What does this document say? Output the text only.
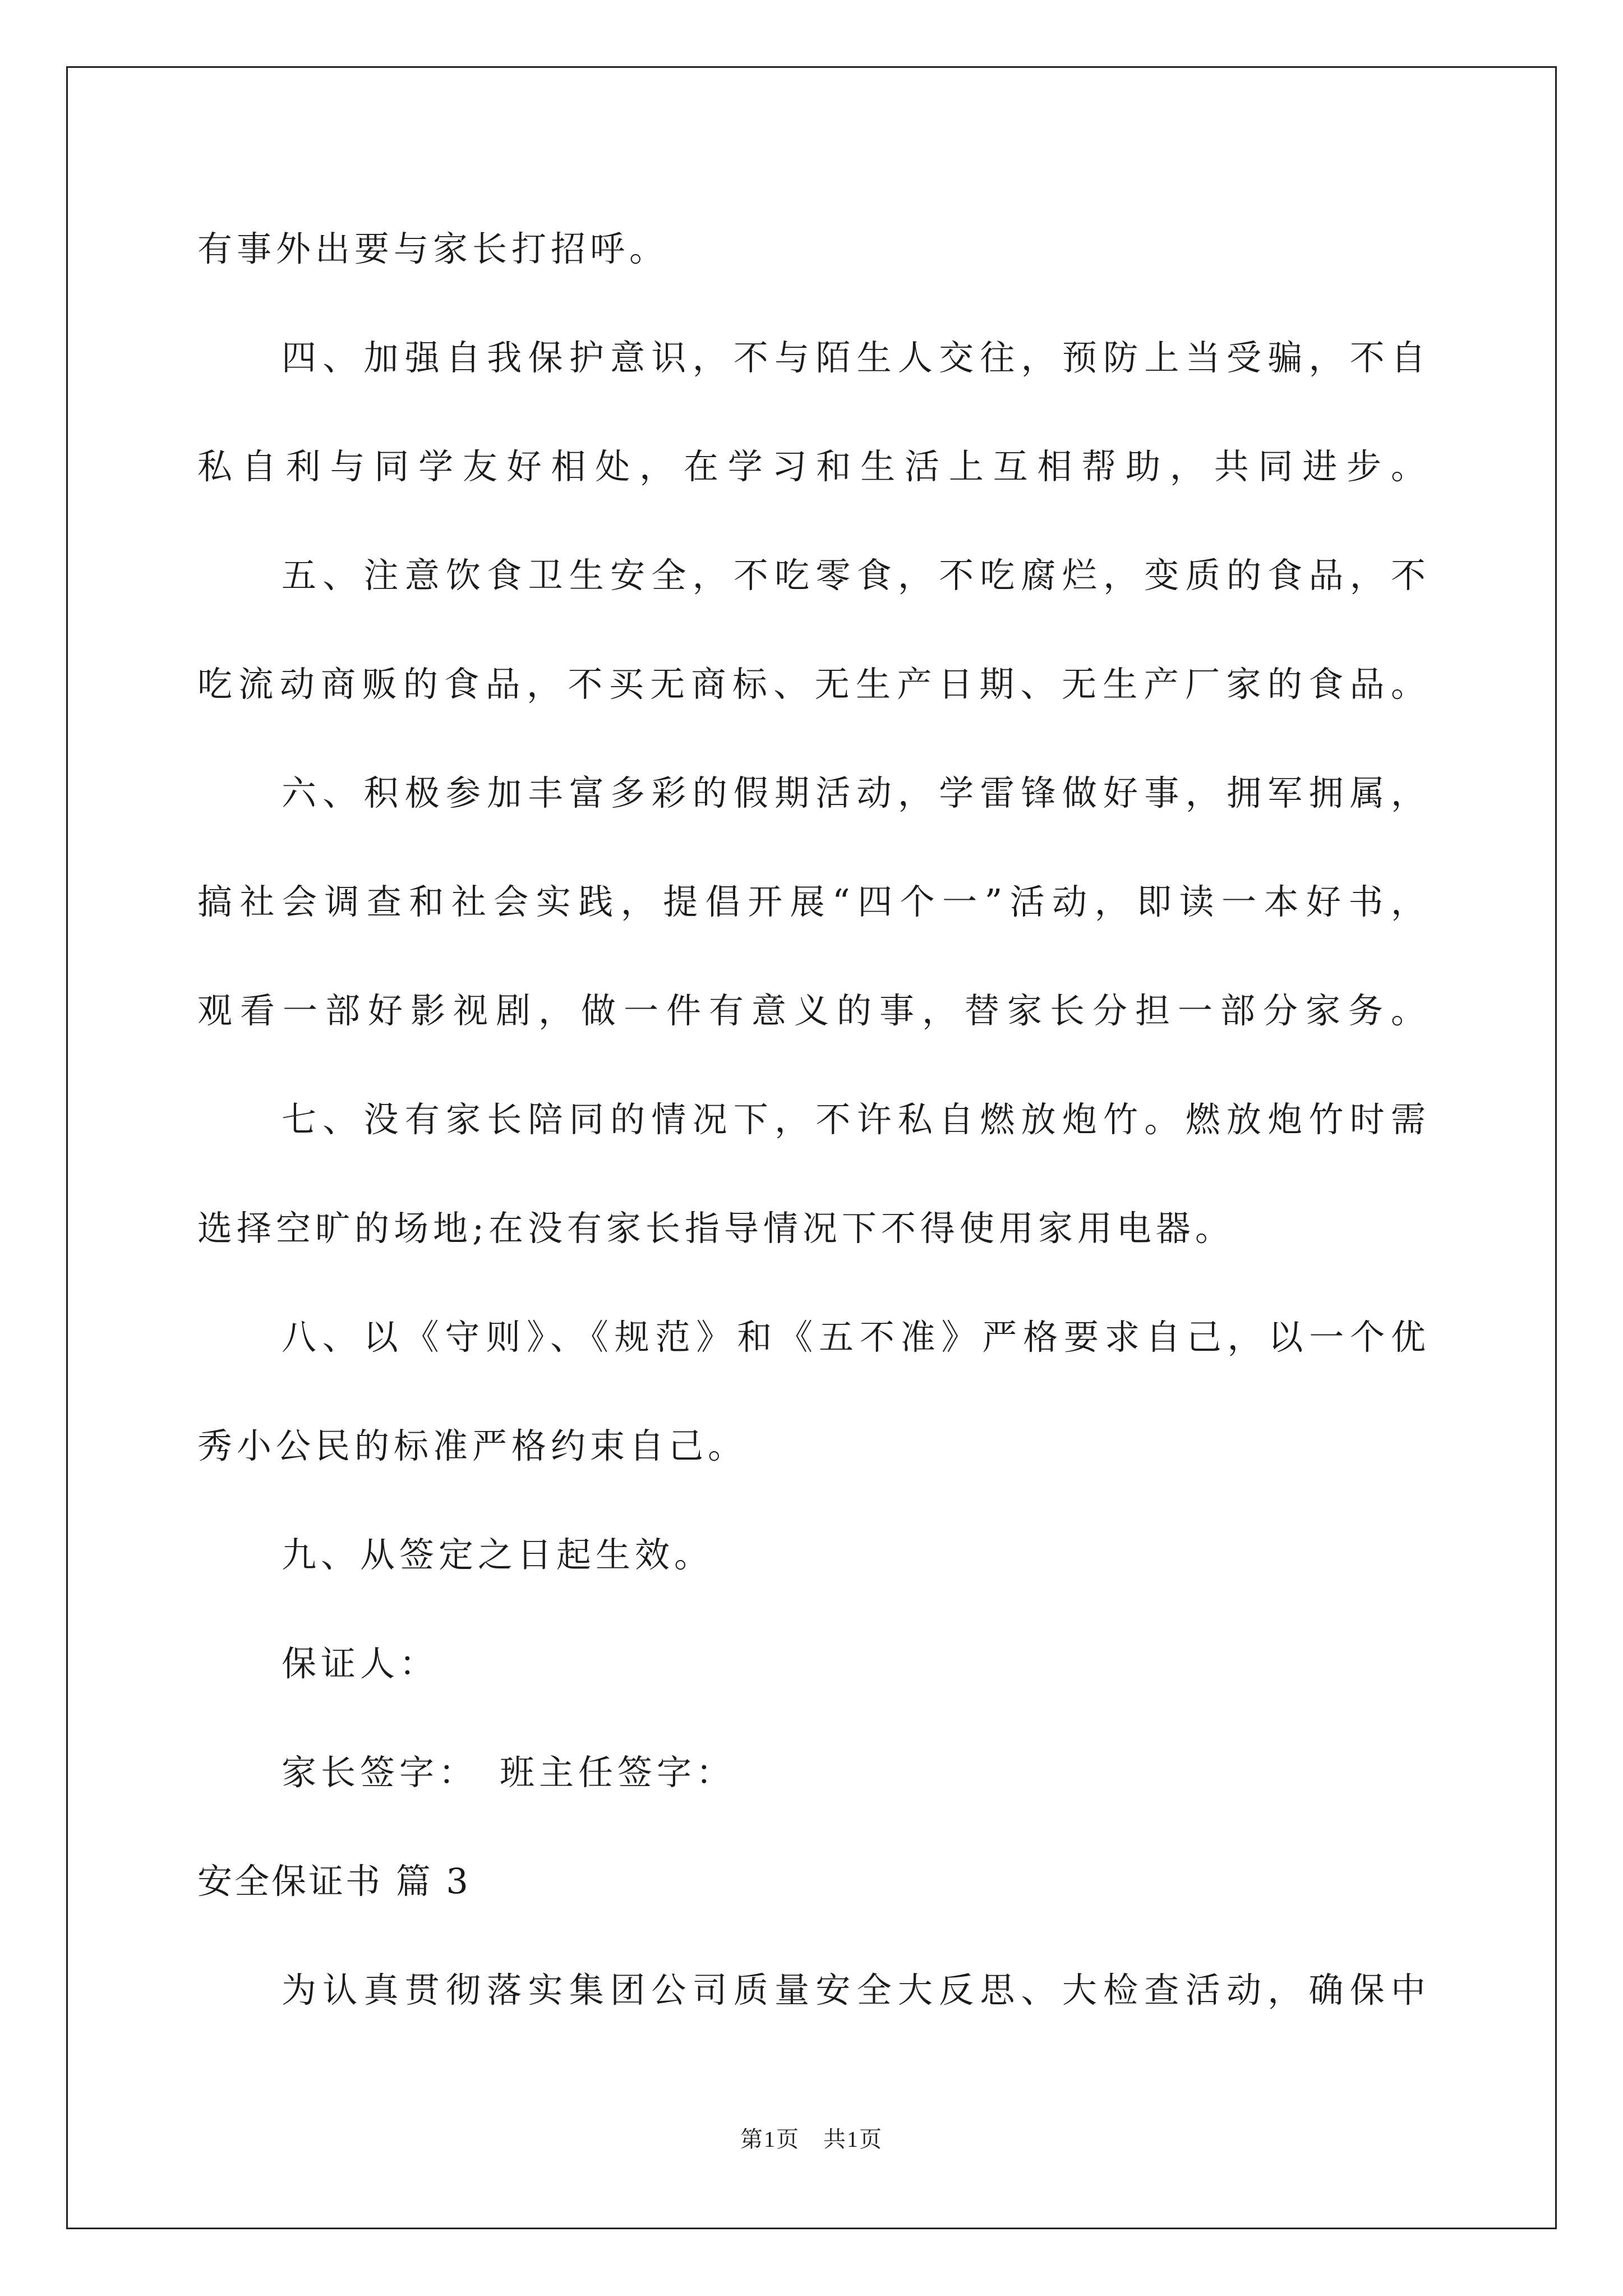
有事外出要与家长打招呼。
四、加强自我保护意识，不与陌生人交往，预防上当受骗，不自
私自利与同学友好相处，在学习和生活上互相帮助，共同进步。
五、注意饮食卫生安全，不吃零食，不吃腐烂，变质的食品，不
吃流动商贩的食品，不买无商标、无生产日期、无生产厂家的食品。
六、积极参加丰富多彩的假期活动，学雷锋做好事，拥军拥属，
搞社会调查和社会实践，提倡开展“四个一”活动，即读一本好书，
观看一部好影视剧，做一件有意义的事，替家长分担一部分家务。
七、没有家长陪同的情况下，不许私自燃放炮竹。燃放炮竹时需
选择空旷的场地;在没有家长指导情况下不得使用家用电器。
八、以《守则》、《规范》和《五不准》严格要求自己，以一个优
秀小公民的标准严格约束自己。
九、从签定之日起生效。
保证人：
家长签字：　班主任签字：
安全保证书 篇 3
为认真贯彻落实集团公司质量安全大反思、大检查活动，确保中
第1页　共1页
